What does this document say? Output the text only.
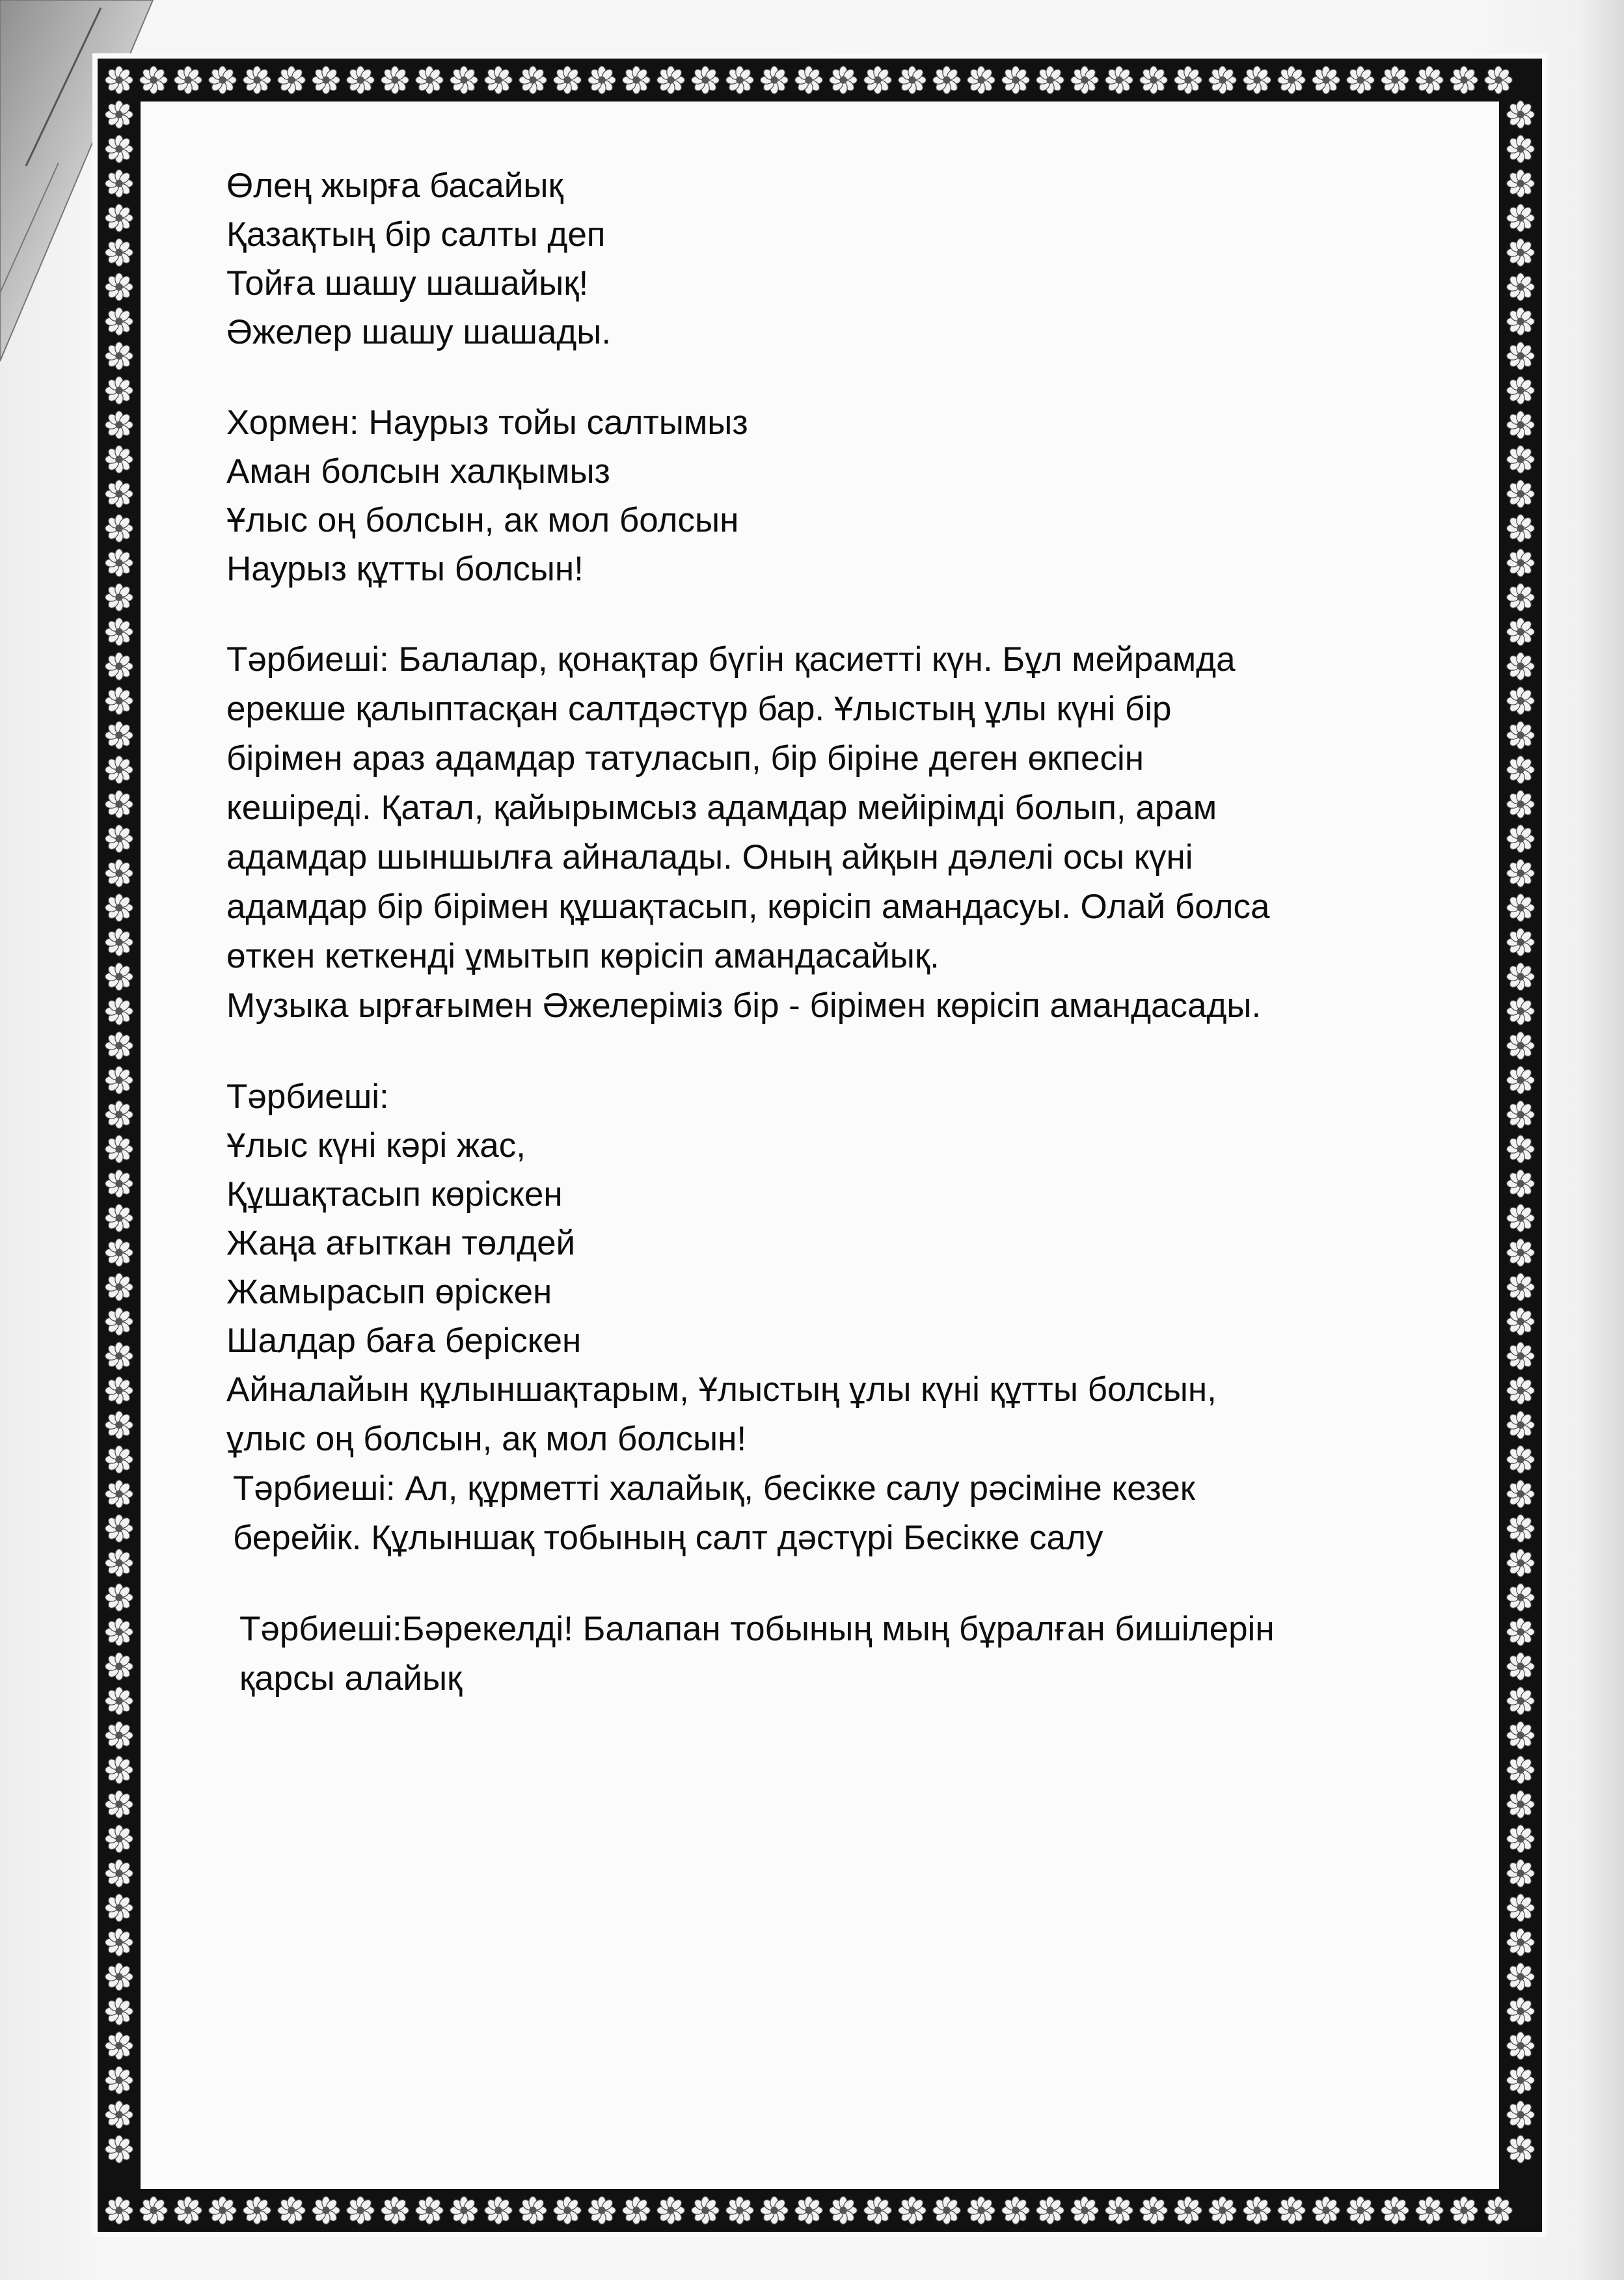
Өлең жырға басайық
Қазақтың бір салты деп
Тойға шашу шашайық!
Әжелер шашу шашады.
Хормен: Наурыз тойы салтымыз
Аман болсын халқымыз
Ұлыс оң болсын, ак мол болсын
Наурыз құтты болсын!
Тәрбиеші: Балалар, қонақтар бүгін қасиетті күн. Бұл мейрамда
ерекше қалыптасқан салтдәстүр бар. Ұлыстың ұлы күні бір
бірімен араз адамдар татуласып, бір біріне деген өкпесін
кешіреді. Қатал, қайырымсыз адамдар мейірімді болып, арам
адамдар шыншылға айналады. Оның айқын дәлелі осы күні
адамдар бір бірімен құшақтасып, көрісіп амандасуы. Олай болса
өткен кеткенді ұмытып көрісіп амандасайық.
Музыка ырғағымен Әжелеріміз бір - бірімен көрісіп амандасады.
Тәрбиеші:
Ұлыс күні кәрі жас,
Құшақтасып көріскен
Жаңа ағыткан төлдей
Жамырасып өріскен
Шалдар баға беріскен
Айналайын құлыншақтарым, Ұлыстың ұлы күні құтты болсын,
ұлыс оң болсын, ақ мол болсын!
Тәрбиеші: Ал, құрметті халайық, бесікке салу рәсіміне кезек
берейік. Құлыншақ тобының салт дәстүрі Бесікке салу
Тәрбиеші:Бәрекелді! Балапан тобының мың бұралған бишілерін
қарсы алайық
